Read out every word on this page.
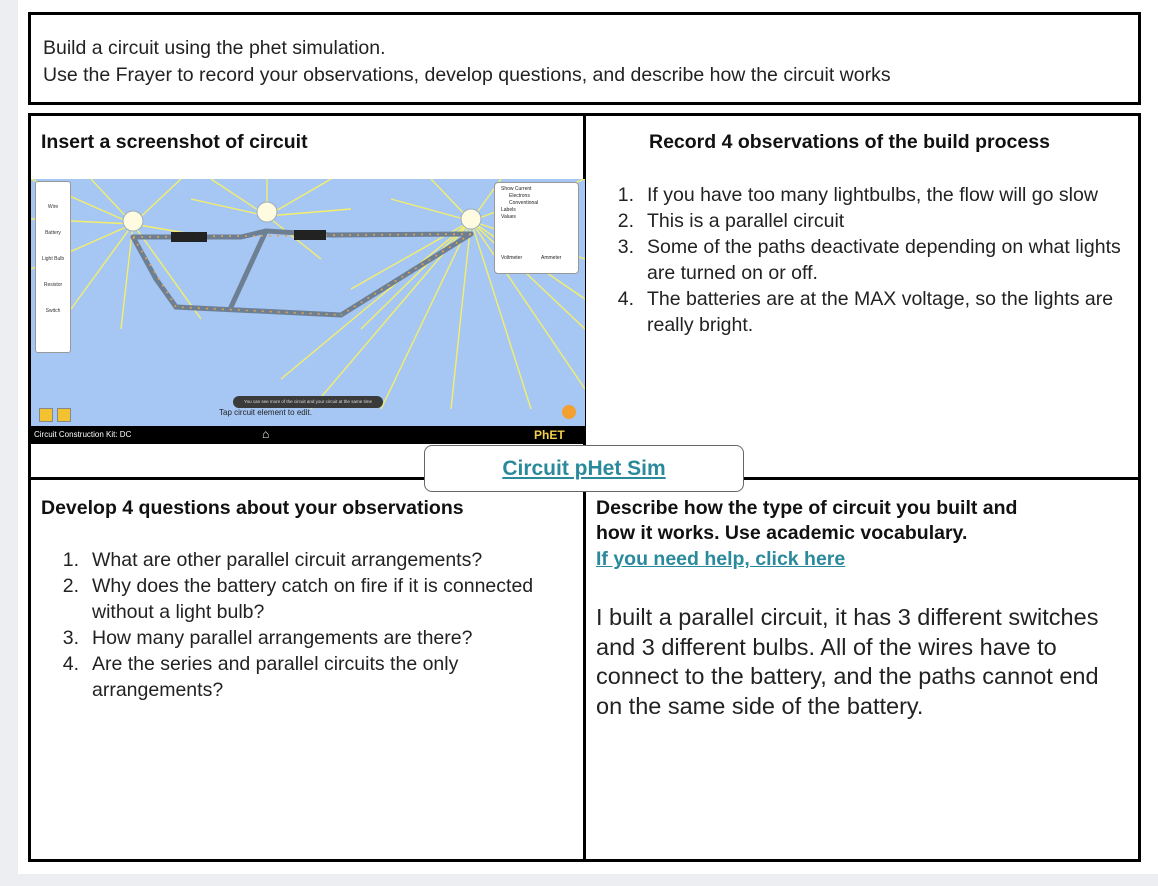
Build a circuit using the phet simulation.
Use the Frayer to record your observations, develop questions, and describe how the circuit works
Insert a screenshot of circuit
Wire
Battery
Light Bulb
Resistor
Switch
Show Current
Electrons
Conventional
Labels
Values
Voltmeter	Ammeter
You can see more of the circuit and your circuit at the same time
Tap circuit element to edit.
Circuit Construction Kit: DC	⌂	PhET
Record 4 observations of the build process
1. If you have too many lightbulbs, the flow will go slow
2. This is a parallel circuit
3. Some of the paths deactivate depending on what lights are turned on or off.
4. The batteries are at the MAX voltage, so the lights are really bright.
Develop 4 questions about your observations
1. What are other parallel circuit arrangements?
2. Why does the battery catch on fire if it is connected without a light bulb?
3. How many parallel arrangements are there?
4. Are the series and parallel circuits the only arrangements?
Describe how the type of circuit you built and
how it works. Use academic vocabulary.
If you need help, click here
I built a parallel circuit, it has 3 different switches and 3 different bulbs. All of the wires have to connect to the battery, and the paths cannot end on the same side of the battery.
Circuit pHet Sim
